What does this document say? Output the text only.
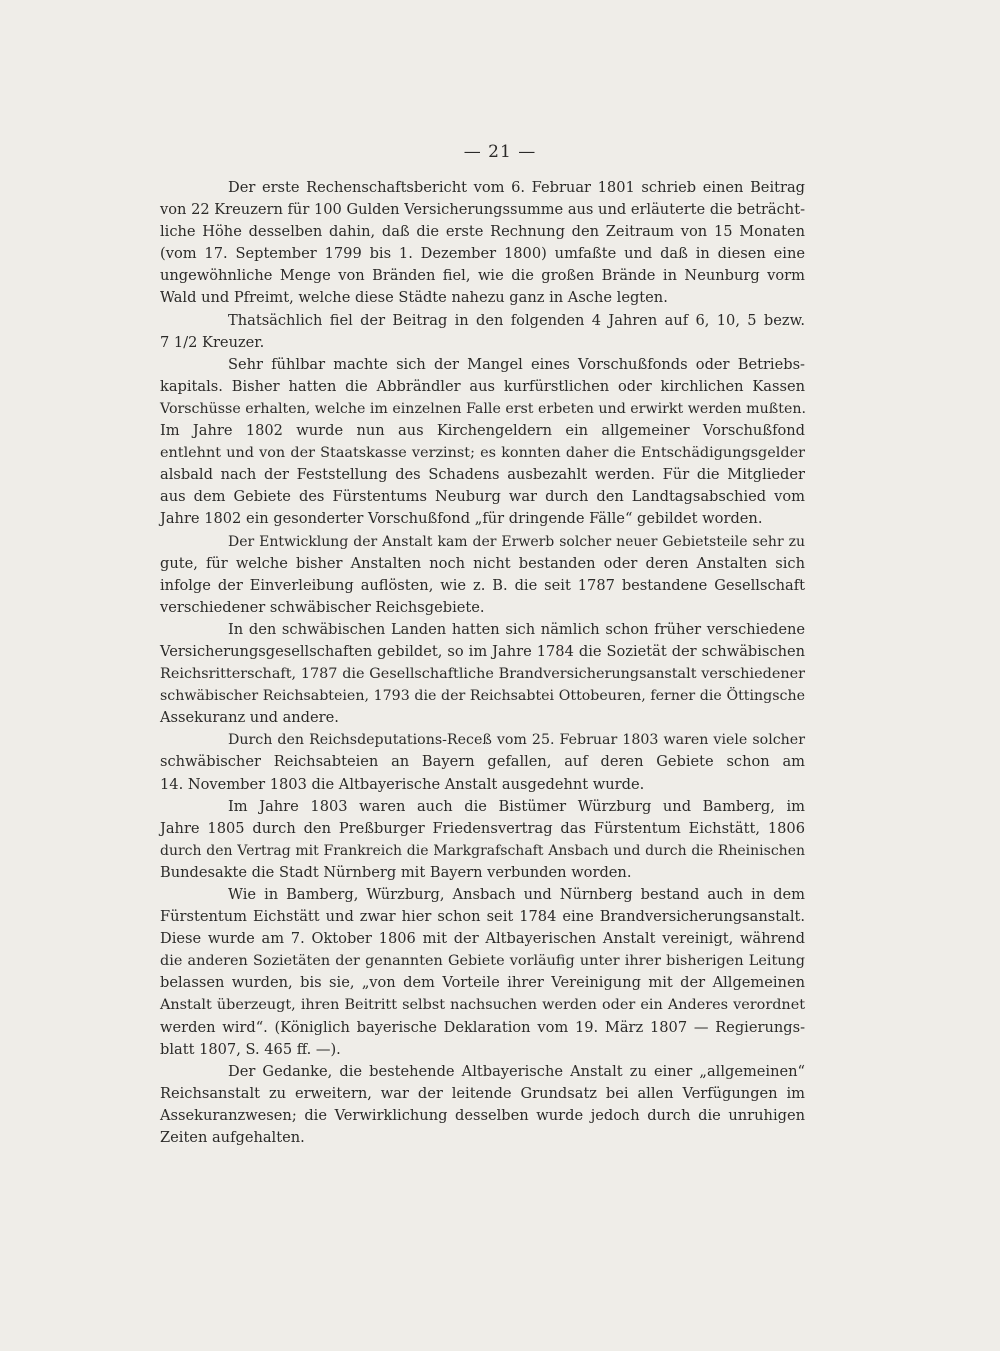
— 21 —
Der erste Rechenschaftsbericht vom 6. Februar 1801 schrieb einen Beitrag
von 22 Kreuzern für 100 Gulden Versicherungssumme aus und erläuterte die beträcht-
liche Höhe desselben dahin, daß die erste Rechnung den Zeitraum von 15 Monaten
(vom 17. September 1799 bis 1. Dezember 1800) umfaßte und daß in diesen eine
ungewöhnliche Menge von Bränden fiel, wie die großen Brände in Neunburg vorm
Wald und Pfreimt, welche diese Städte nahezu ganz in Asche legten.
Thatsächlich fiel der Beitrag in den folgenden 4 Jahren auf 6, 10, 5 bezw.
7 1/2 Kreuzer.
Sehr fühlbar machte sich der Mangel eines Vorschußfonds oder Betriebs-
kapitals. Bisher hatten die Abbrändler aus kurfürstlichen oder kirchlichen Kassen
Vorschüsse erhalten, welche im einzelnen Falle erst erbeten und erwirkt werden mußten.
Im Jahre 1802 wurde nun aus Kirchengeldern ein allgemeiner Vorschußfond
entlehnt und von der Staatskasse verzinst; es konnten daher die Entschädigungsgelder
alsbald nach der Feststellung des Schadens ausbezahlt werden. Für die Mitglieder
aus dem Gebiete des Fürstentums Neuburg war durch den Landtagsabschied vom
Jahre 1802 ein gesonderter Vorschußfond „für dringende Fälle“ gebildet worden.
Der Entwicklung der Anstalt kam der Erwerb solcher neuer Gebietsteile sehr zu
gute, für welche bisher Anstalten noch nicht bestanden oder deren Anstalten sich
infolge der Einverleibung auflösten, wie z. B. die seit 1787 bestandene Gesellschaft
verschiedener schwäbischer Reichsgebiete.
In den schwäbischen Landen hatten sich nämlich schon früher verschiedene
Versicherungsgesellschaften gebildet, so im Jahre 1784 die Sozietät der schwäbischen
Reichsritterschaft, 1787 die Gesellschaftliche Brandversicherungsanstalt verschiedener
schwäbischer Reichsabteien, 1793 die der Reichsabtei Ottobeuren, ferner die Öttingsche
Assekuranz und andere.
Durch den Reichsdeputations-Receß vom 25. Februar 1803 waren viele solcher
schwäbischer Reichsabteien an Bayern gefallen, auf deren Gebiete schon am
14. November 1803 die Altbayerische Anstalt ausgedehnt wurde.
Im Jahre 1803 waren auch die Bistümer Würzburg und Bamberg, im
Jahre 1805 durch den Preßburger Friedensvertrag das Fürstentum Eichstätt, 1806
durch den Vertrag mit Frankreich die Markgrafschaft Ansbach und durch die Rheinischen
Bundesakte die Stadt Nürnberg mit Bayern verbunden worden.
Wie in Bamberg, Würzburg, Ansbach und Nürnberg bestand auch in dem
Fürstentum Eichstätt und zwar hier schon seit 1784 eine Brandversicherungsanstalt.
Diese wurde am 7. Oktober 1806 mit der Altbayerischen Anstalt vereinigt, während
die anderen Sozietäten der genannten Gebiete vorläufig unter ihrer bisherigen Leitung
belassen wurden, bis sie, „von dem Vorteile ihrer Vereinigung mit der Allgemeinen
Anstalt überzeugt, ihren Beitritt selbst nachsuchen werden oder ein Anderes verordnet
werden wird“. (Königlich bayerische Deklaration vom 19. März 1807 — Regierungs-
blatt 1807, S. 465 ff. —).
Der Gedanke, die bestehende Altbayerische Anstalt zu einer „allgemeinen“
Reichsanstalt zu erweitern, war der leitende Grundsatz bei allen Verfügungen im
Assekuranzwesen; die Verwirklichung desselben wurde jedoch durch die unruhigen
Zeiten aufgehalten.
